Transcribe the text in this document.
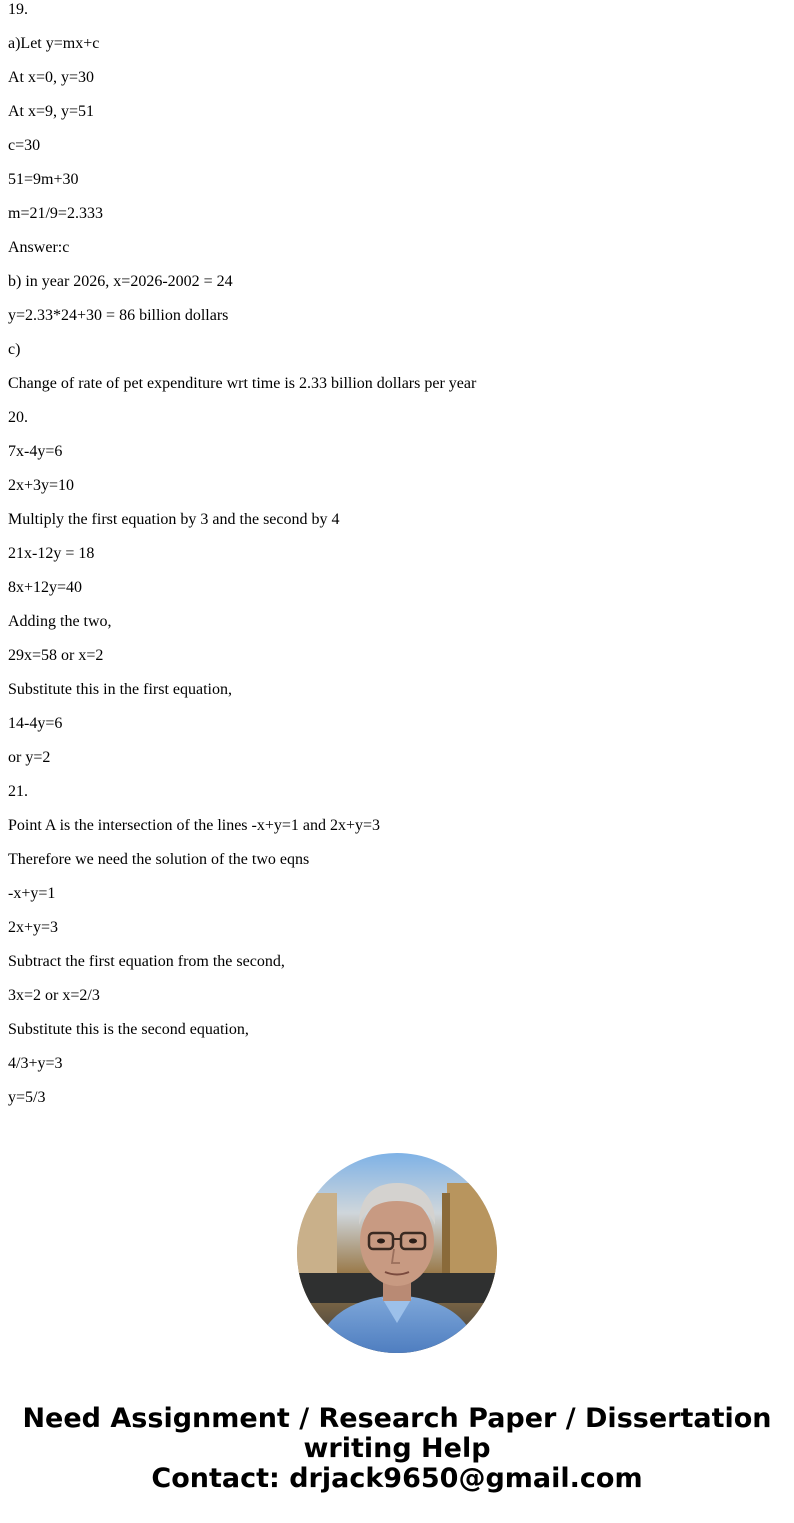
19.

a)Let y=mx+c

At x=0, y=30

At x=9, y=51

c=30

51=9m+30

m=21/9=2.333

Answer:c

b) in year 2026, x=2026-2002 = 24

y=2.33*24+30 = 86 billion dollars

c)

Change of rate of pet expenditure wrt time is 2.33 billion dollars per year

20.

7x-4y=6

2x+3y=10

Multiply the first equation by 3 and the second by 4

21x-12y = 18

8x+12y=40

Adding the two,

29x=58 or x=2

Substitute this in the first equation,

14-4y=6

or y=2

21.

Point A is the intersection of the lines -x+y=1 and 2x+y=3

Therefore we need the solution of the two eqns

-x+y=1

2x+y=3

Subtract the first equation from the second,

3x=2 or x=2/3

Substitute this is the second equation,

4/3+y=3

y=5/3

Need Assignment / Research Paper / Dissertation
writing Help
Contact: drjack9650@gmail.com
